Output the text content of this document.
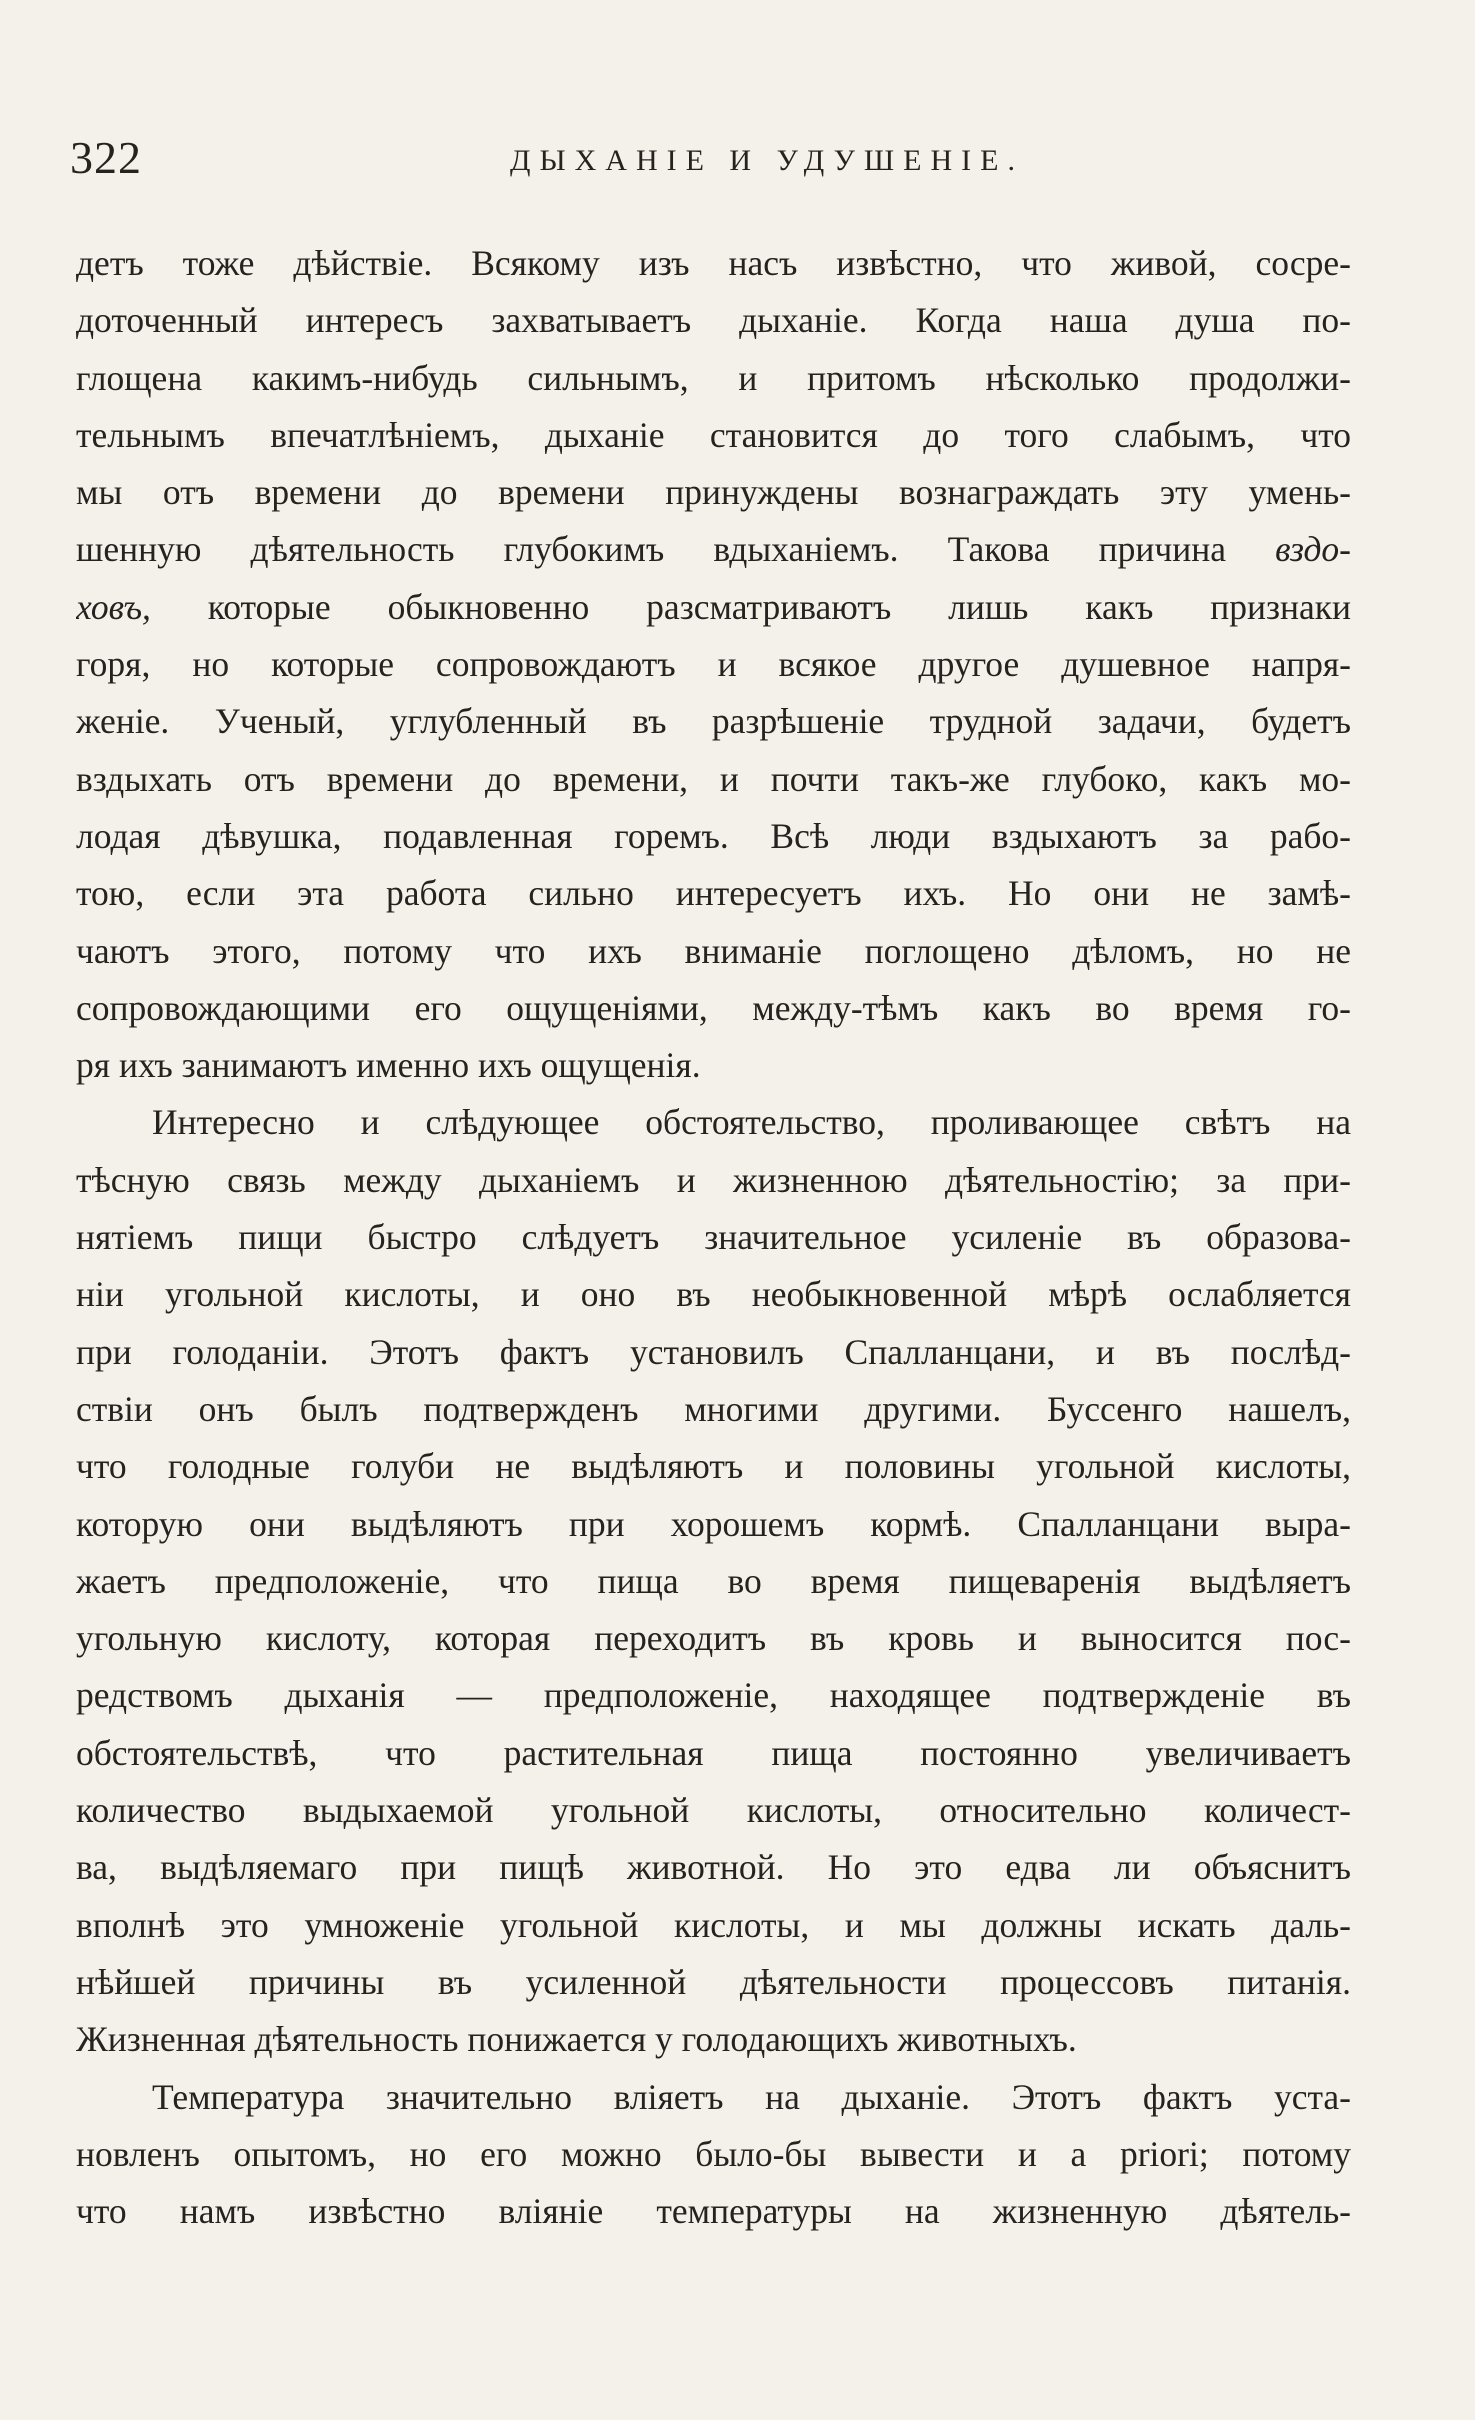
322	ДЫХАНІЕ И УДУШЕНІЕ.
детъ тоже дѣйствіе. Всякому изъ насъ извѣстно, что живой, сосре-
доточенный интересъ захватываетъ дыханіе. Когда наша душа по-
глощена какимъ-нибудь сильнымъ, и притомъ нѣсколько продолжи-
тельнымъ впечатлѣніемъ, дыханіе становится до того слабымъ, что
мы отъ времени до времени принуждены вознаграждать эту умень-
шенную дѣятельность глубокимъ вдыханіемъ. Такова причина вздо-
ховъ, которые обыкновенно разсматриваютъ лишь какъ признаки
горя, но которые сопровождаютъ и всякое другое душевное напря-
женіе. Ученый, углубленный въ разрѣшеніе трудной задачи, будетъ
вздыхать отъ времени до времени, и почти такъ-же глубоко, какъ мо-
лодая дѣвушка, подавленная горемъ. Всѣ люди вздыхаютъ за рабо-
тою, если эта работа сильно интересуетъ ихъ. Но они не замѣ-
чаютъ этого, потому что ихъ вниманіе поглощено дѣломъ, но не
сопровождающими его ощущеніями, между-тѣмъ какъ во время го-
ря ихъ занимаютъ именно ихъ ощущенія.
Интересно и слѣдующее обстоятельство, проливающее свѣтъ на
тѣсную связь между дыханіемъ и жизненною дѣятельностію; за при-
нятіемъ пищи быстро слѣдуетъ значительное усиленіе въ образова-
ніи угольной кислоты, и оно въ необыкновенной мѣрѣ ослабляется
при голоданіи. Этотъ фактъ установилъ Спалланцани, и въ послѣд-
ствіи онъ былъ подтвержденъ многими другими. Буссенго нашелъ,
что голодные голуби не выдѣляютъ и половины угольной кислоты,
которую они выдѣляютъ при хорошемъ кормѣ. Спалланцани выра-
жаетъ предположеніе, что пища во время пищеваренія выдѣляетъ
угольную кислоту, которая переходитъ въ кровь и выносится пос-
редствомъ дыханія — предположеніе, находящее подтвержденіе въ
обстоятельствѣ, что растительная пища постоянно увеличиваетъ
количество выдыхаемой угольной кислоты, относительно количест-
ва, выдѣляемаго при пищѣ животной. Но это едва ли объяснитъ
вполнѣ это умноженіе угольной кислоты, и мы должны искать даль-
нѣйшей причины въ усиленной дѣятельности процессовъ питанія.
Жизненная дѣятельность понижается у голодающихъ животныхъ.
Температура значительно вліяетъ на дыханіе. Этотъ фактъ уста-
новленъ опытомъ, но его можно было-бы вывести и a priori; потому
что намъ извѣстно вліяніе температуры на жизненную дѣятель-
